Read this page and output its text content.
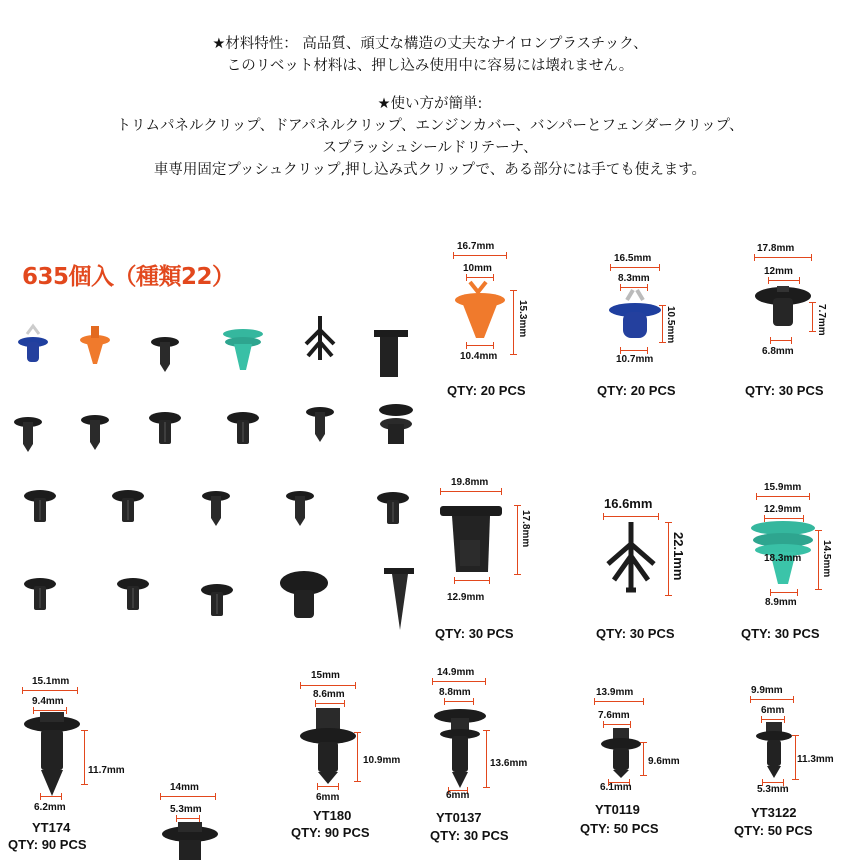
★材料特性： 高品質、頑丈な構造の丈夫なナイロンプラスチック、

このリベット材料は、押し込み使用中に容易には壊れません。

★使い方が簡単:

トリムパネルクリップ、ドアパネルクリップ、エンジンカバー、バンパーとフェンダークリップ、

スプラッシュシールドリテーナ、

車専用固定プッシュクリップ,押し込み式クリップで、ある部分には手ても使えます。

635個入（種類22）
16.7mm
10mm
15.3mm
10.4mm
QTY: 20 PCS
16.5mm
8.3mm
10.5mm
10.7mm
QTY: 20 PCS
17.8mm
12mm
7.7mm
6.8mm
QTY: 30 PCS
19.8mm
17.8mm
12.9mm
QTY: 30 PCS
16.6mm
22.1mm
QTY: 30 PCS
15.9mm
12.9mm
18.3mm 14.5mm
8.9mm
QTY: 30 PCS
15.1mm
9.4mm
11.7mm
6.2mm
YT174
QTY: 90 PCS
14mm
5.3mm
15mm
8.6mm
10.9mm
6mm
YT180
QTY: 90 PCS
14.9mm
8.8mm
13.6mm
6mm
YT0137
QTY: 30 PCS
13.9mm
7.6mm
9.6mm
6.1mm
YT0119
QTY: 50 PCS
9.9mm
6mm
11.3mm
5.3mm
YT3122
QTY: 50 PCS
